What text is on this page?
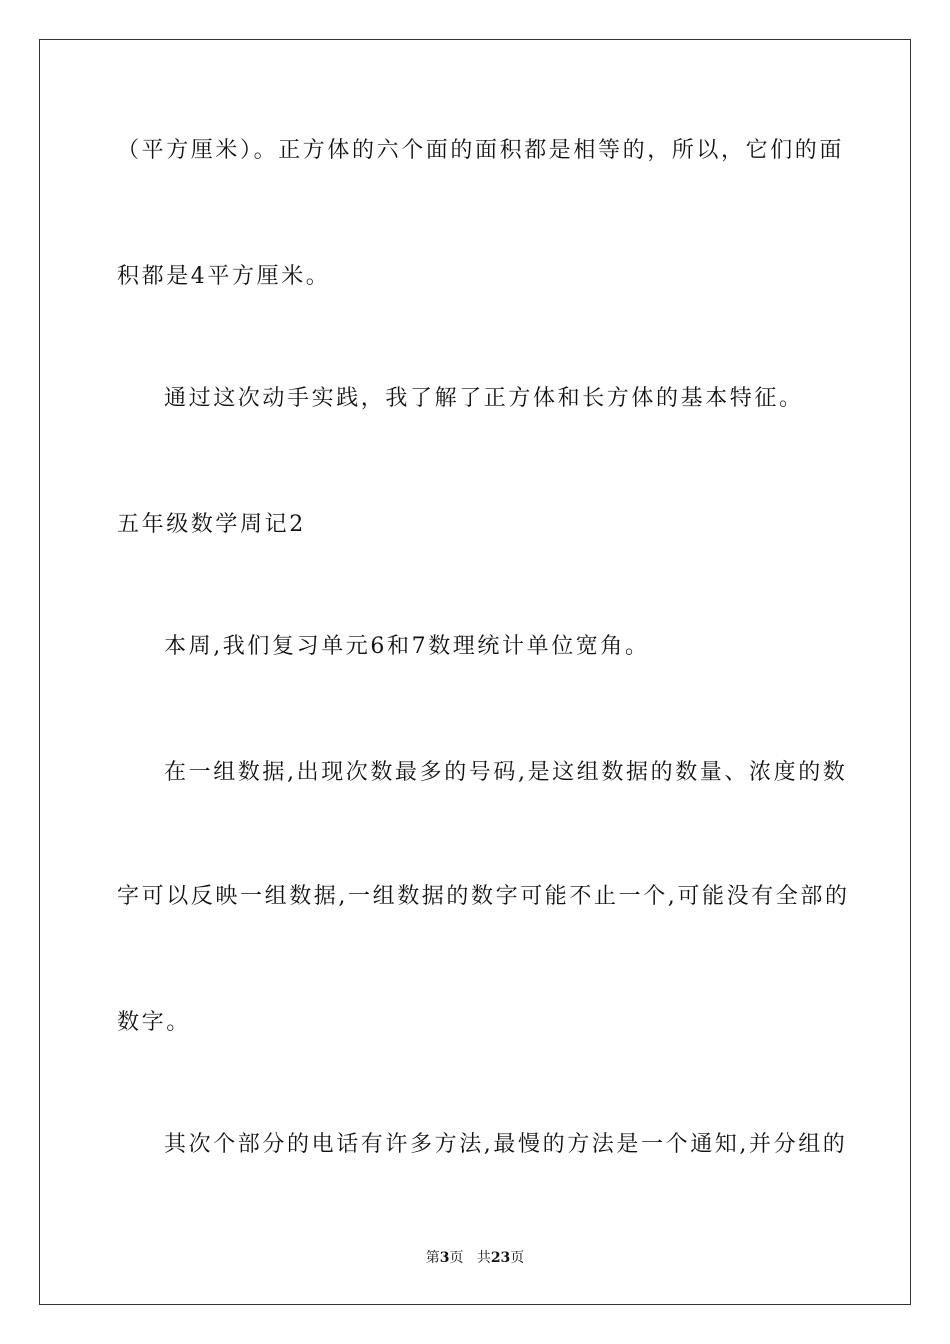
（平方厘米）。正方体的六个面的面积都是相等的，所以，它们的面
积都是4平方厘米。
通过这次动手实践，我了解了正方体和长方体的基本特征。
五年级数学周记2
本周,我们复习单元6和7数理统计单位宽角。
在一组数据,出现次数最多的号码,是这组数据的数量、浓度的数
字可以反映一组数据,一组数据的数字可能不止一个,可能没有全部的
数字。
其次个部分的电话有许多方法,最慢的方法是一个通知,并分组的
第3页 共23页
